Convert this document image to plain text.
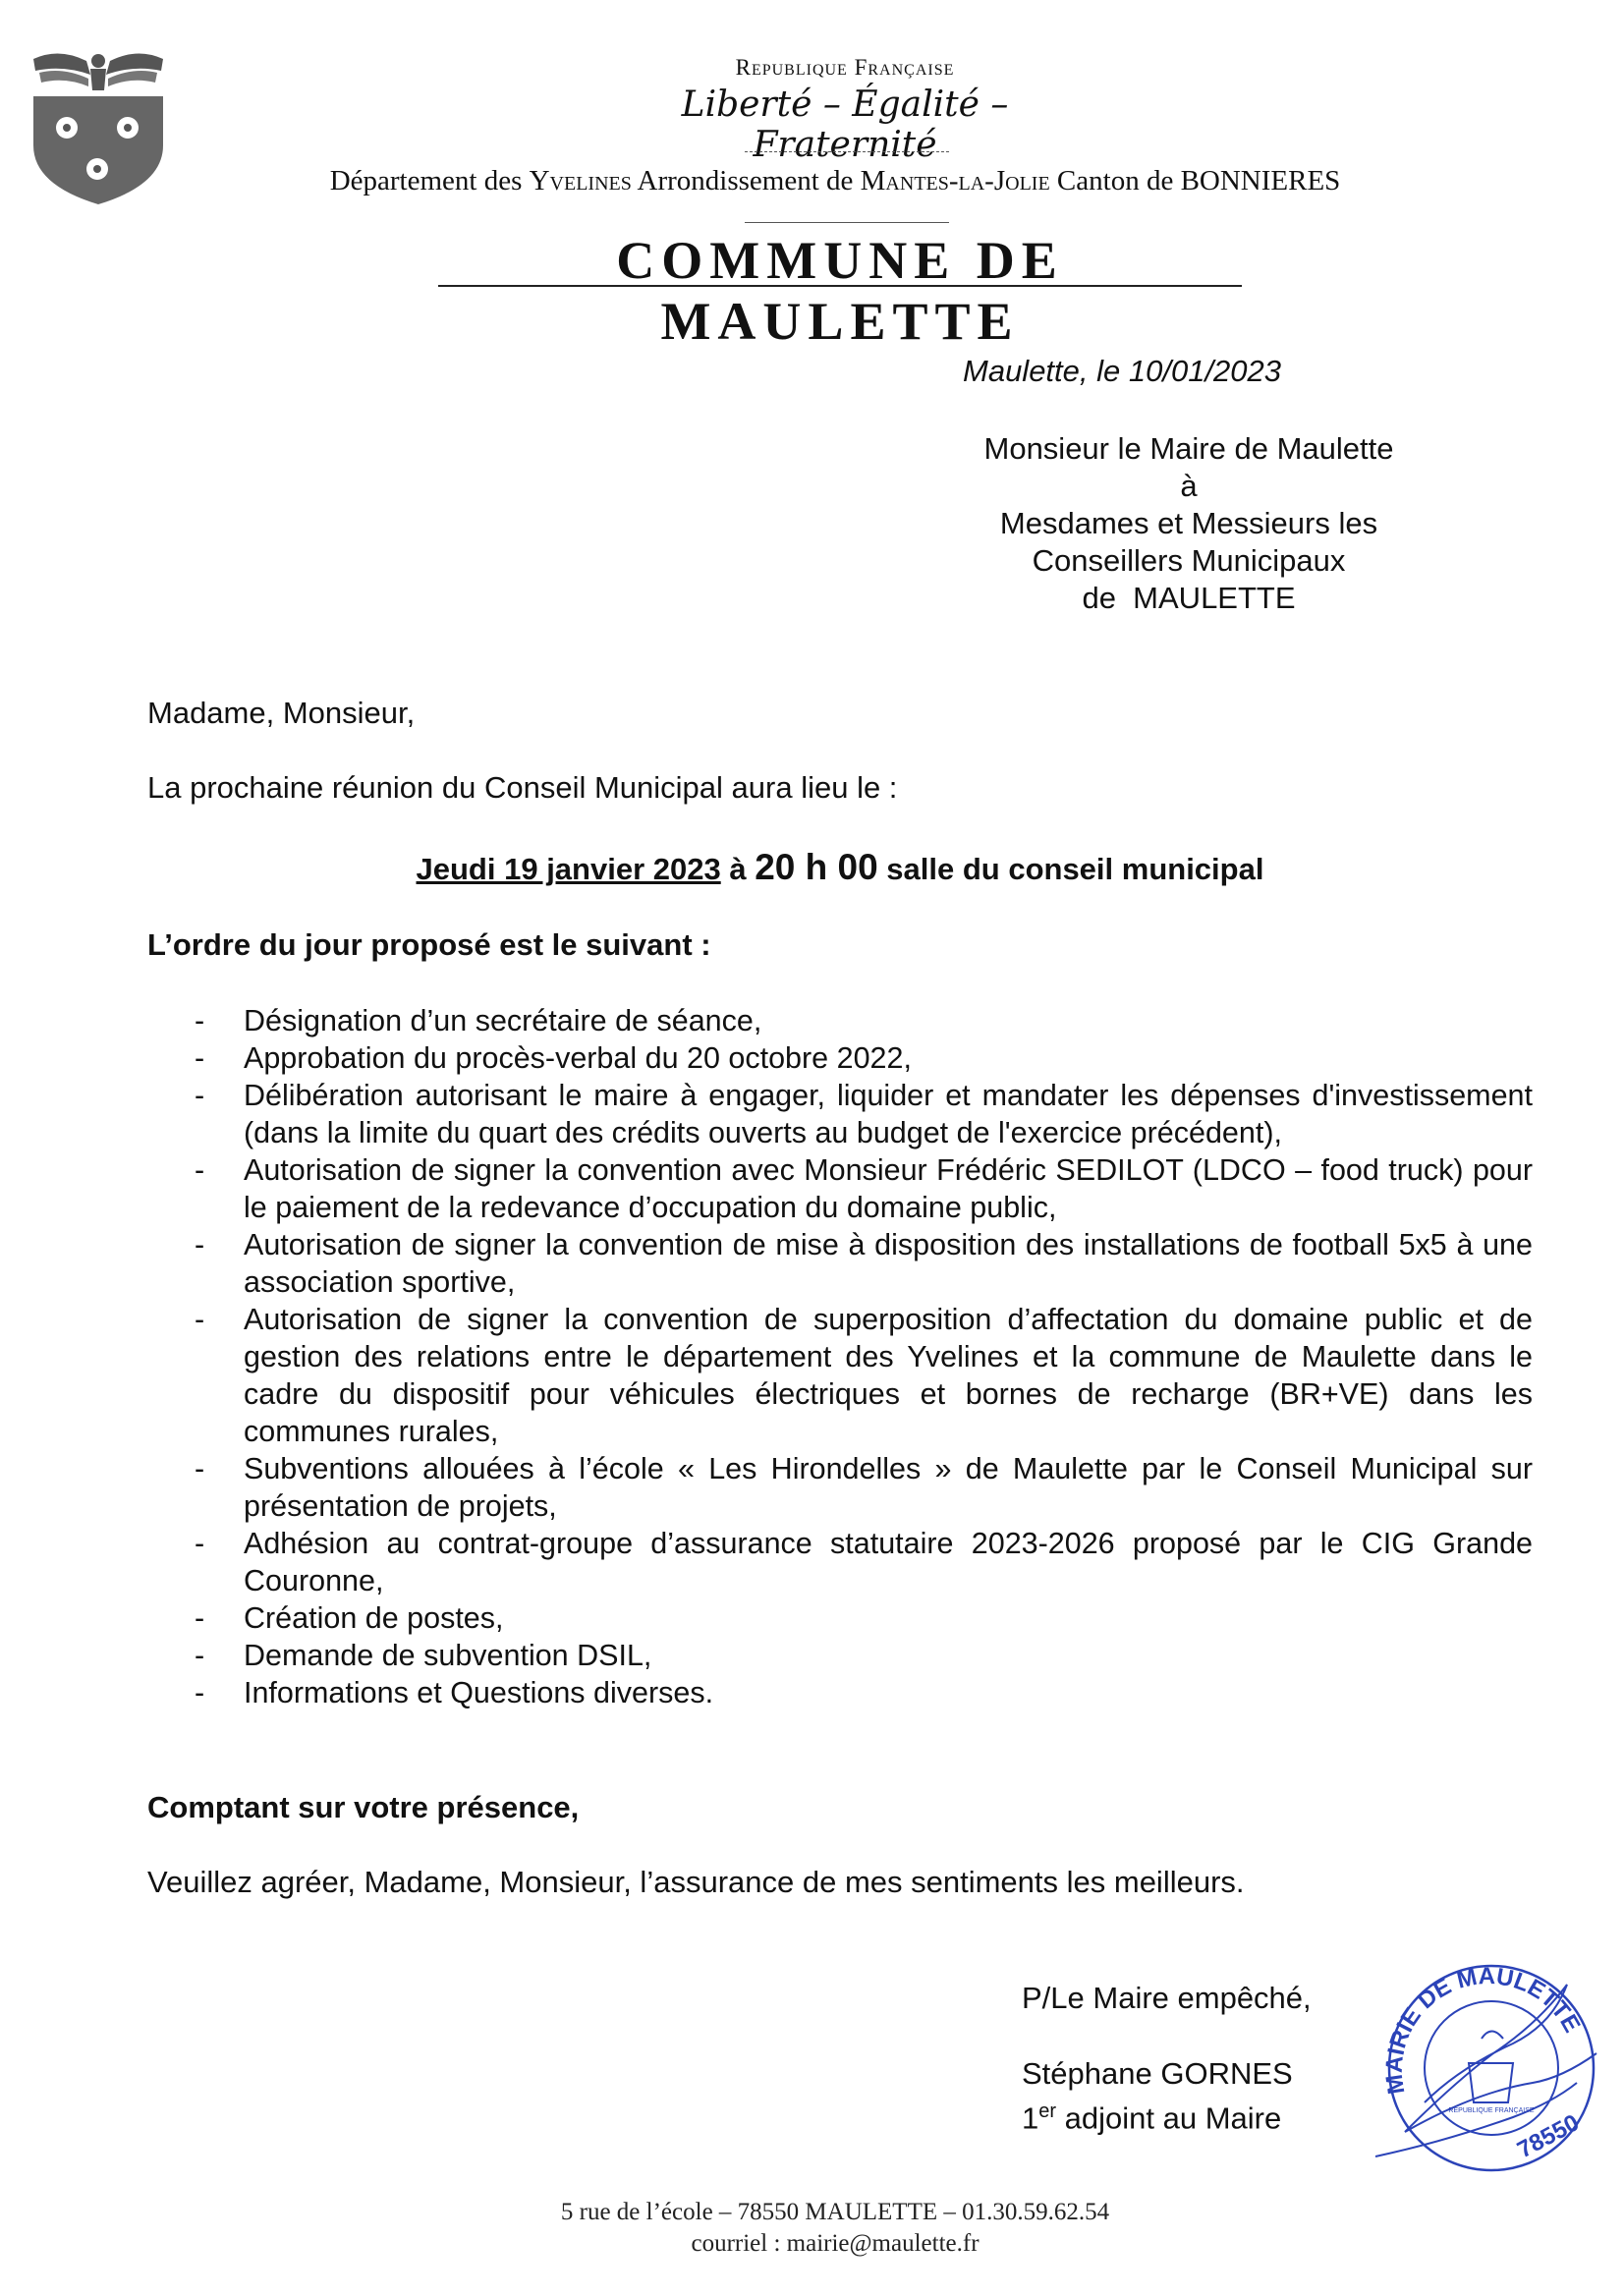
Republique Française
Liberté – Égalité – Fraternité
Département des Yvelines Arrondissement de Mantes-la-Jolie Canton de BONNIERES
COMMUNE DE MAULETTE
Maulette, le 10/01/2023
Monsieur le Maire de Maulette
à
Mesdames et Messieurs les
Conseillers Municipaux
de  MAULETTE
Madame, Monsieur,
La prochaine réunion du Conseil Municipal aura lieu le :
Jeudi 19 janvier 2023 à 20 h 00 salle du conseil municipal
L’ordre du jour proposé est le suivant :
- Désignation d’un secrétaire de séance,
- Approbation du procès-verbal du 20 octobre 2022,
- Délibération autorisant le maire à engager, liquider et mandater les dépenses d'investissement (dans la limite du quart des crédits ouverts au budget de l'exercice précédent),
- Autorisation de signer la convention avec Monsieur Frédéric SEDILOT (LDCO – food truck) pour le paiement de la redevance d’occupation du domaine public,
- Autorisation de signer la convention de mise à disposition des installations de football 5x5 à une association sportive,
- Autorisation de signer la convention de superposition d’affectation du domaine public et de gestion des relations entre le département des Yvelines et la commune de Maulette dans le cadre du dispositif pour véhicules électriques et bornes de recharge (BR+VE) dans les communes rurales,
- Subventions allouées à l’école « Les Hirondelles » de Maulette par le Conseil Municipal sur présentation de projets,
- Adhésion au contrat-groupe d’assurance statutaire 2023-2026 proposé par le CIG Grande Couronne,
- Création de postes,
- Demande de subvention DSIL,
- Informations et Questions diverses.
Comptant sur votre présence,
Veuillez agréer, Madame, Monsieur, l’assurance de mes sentiments les meilleurs.
P/Le Maire empêché,
Stéphane GORNES
1er adjoint au Maire
MAIRIE DE MAULETTE
78550
REPUBLIQUE FRANÇAISE
5 rue de l’école – 78550 MAULETTE – 01.30.59.62.54
courriel : mairie@maulette.fr
